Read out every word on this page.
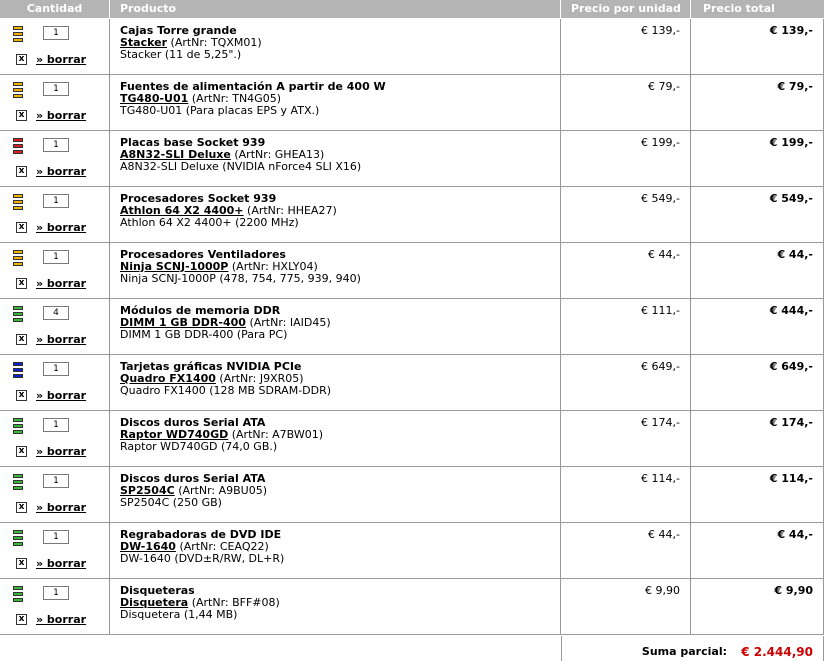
Cantidad	Producto	Precio por unidad	Precio total
1
x » borrar
Cajas Torre grande
Stacker (ArtNr: TQXM01)
Stacker (11 de 5,25".)
€ 139,-	€ 139,-
1
x » borrar
Fuentes de alimentación A partir de 400 W
TG480-U01 (ArtNr: TN4G05)
TG480-U01 (Para placas EPS y ATX.)
€ 79,-	€ 79,-
1
x » borrar
Placas base Socket 939
A8N32-SLI Deluxe (ArtNr: GHEA13)
A8N32-SLI Deluxe (NVIDIA nForce4 SLI X16)
€ 199,-	€ 199,-
1
x » borrar
Procesadores Socket 939
Athlon 64 X2 4400+ (ArtNr: HHEA27)
Athlon 64 X2 4400+ (2200 MHz)
€ 549,-	€ 549,-
1
x » borrar
Procesadores Ventiladores
Ninja SCNJ-1000P (ArtNr: HXLY04)
Ninja SCNJ-1000P (478, 754, 775, 939, 940)
€ 44,-	€ 44,-
4
x » borrar
Módulos de memoria DDR
DIMM 1 GB DDR-400 (ArtNr: IAID45)
DIMM 1 GB DDR-400 (Para PC)
€ 111,-	€ 444,-
1
x » borrar
Tarjetas gráficas NVIDIA PCIe
Quadro FX1400 (ArtNr: J9XR05)
Quadro FX1400 (128 MB SDRAM-DDR)
€ 649,-	€ 649,-
1
x » borrar
Discos duros Serial ATA
Raptor WD740GD (ArtNr: A7BW01)
Raptor WD740GD (74,0 GB.)
€ 174,-	€ 174,-
1
x » borrar
Discos duros Serial ATA
SP2504C (ArtNr: A9BU05)
SP2504C (250 GB)
€ 114,-	€ 114,-
1
x » borrar
Regrabadoras de DVD IDE
DW-1640 (ArtNr: CEAQ22)
DW-1640 (DVD±R/RW, DL+R)
€ 44,-	€ 44,-
1
x » borrar
Disqueteras
Disquetera (ArtNr: BFF#08)
Disquetera (1,44 MB)
€ 9,90	€ 9,90
Suma parcial: € 2.444,90
